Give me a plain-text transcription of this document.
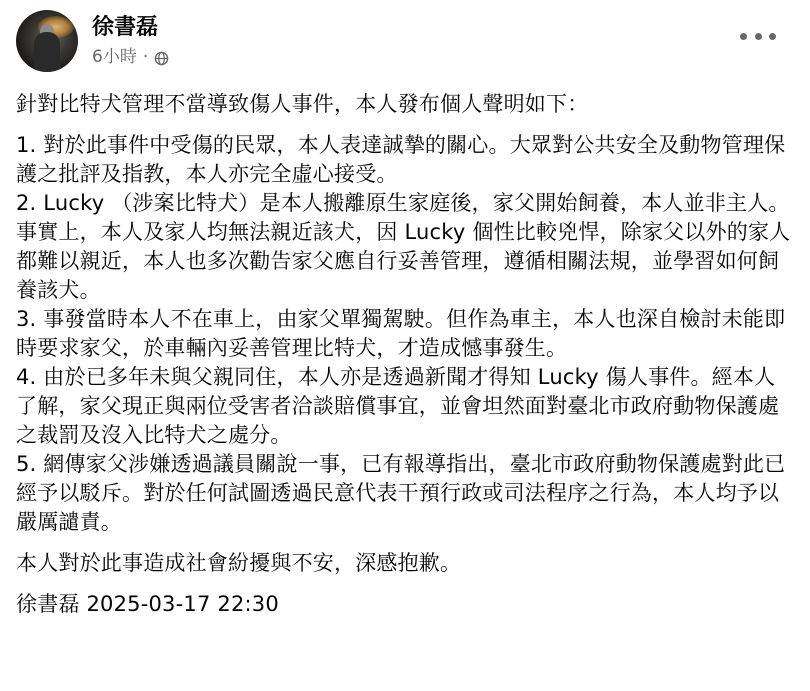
徐書磊
6小時 ·

針對比特犬管理不當導致傷人事件，本人發布個人聲明如下：

1. 對於此事件中受傷的民眾，本人表達誠摯的關心。大眾對公共安全及動物管理保護之批評及指教，本人亦完全虛心接受。

2. Lucky （涉案比特犬）是本人搬離原生家庭後，家父開始飼養，本人並非主人。事實上，本人及家人均無法親近該犬，因 Lucky 個性比較兇悍，除家父以外的家人都難以親近，本人也多次勸告家父應自行妥善管理，遵循相關法規，並學習如何飼養該犬。

3. 事發當時本人不在車上，由家父單獨駕駛。但作為車主，本人也深自檢討未能即時要求家父，於車輛內妥善管理比特犬，才造成憾事發生。

4. 由於已多年未與父親同住，本人亦是透過新聞才得知 Lucky 傷人事件。經本人了解，家父現正與兩位受害者洽談賠償事宜，並會坦然面對臺北市政府動物保護處之裁罰及沒入比特犬之處分。

5. 網傳家父涉嫌透過議員關說一事，已有報導指出，臺北市政府動物保護處對此已經予以駁斥。對於任何試圖透過民意代表干預行政或司法程序之行為，本人均予以嚴厲譴責。

本人對於此事造成社會紛擾與不安，深感抱歉。

徐書磊 2025-03-17 22:30
